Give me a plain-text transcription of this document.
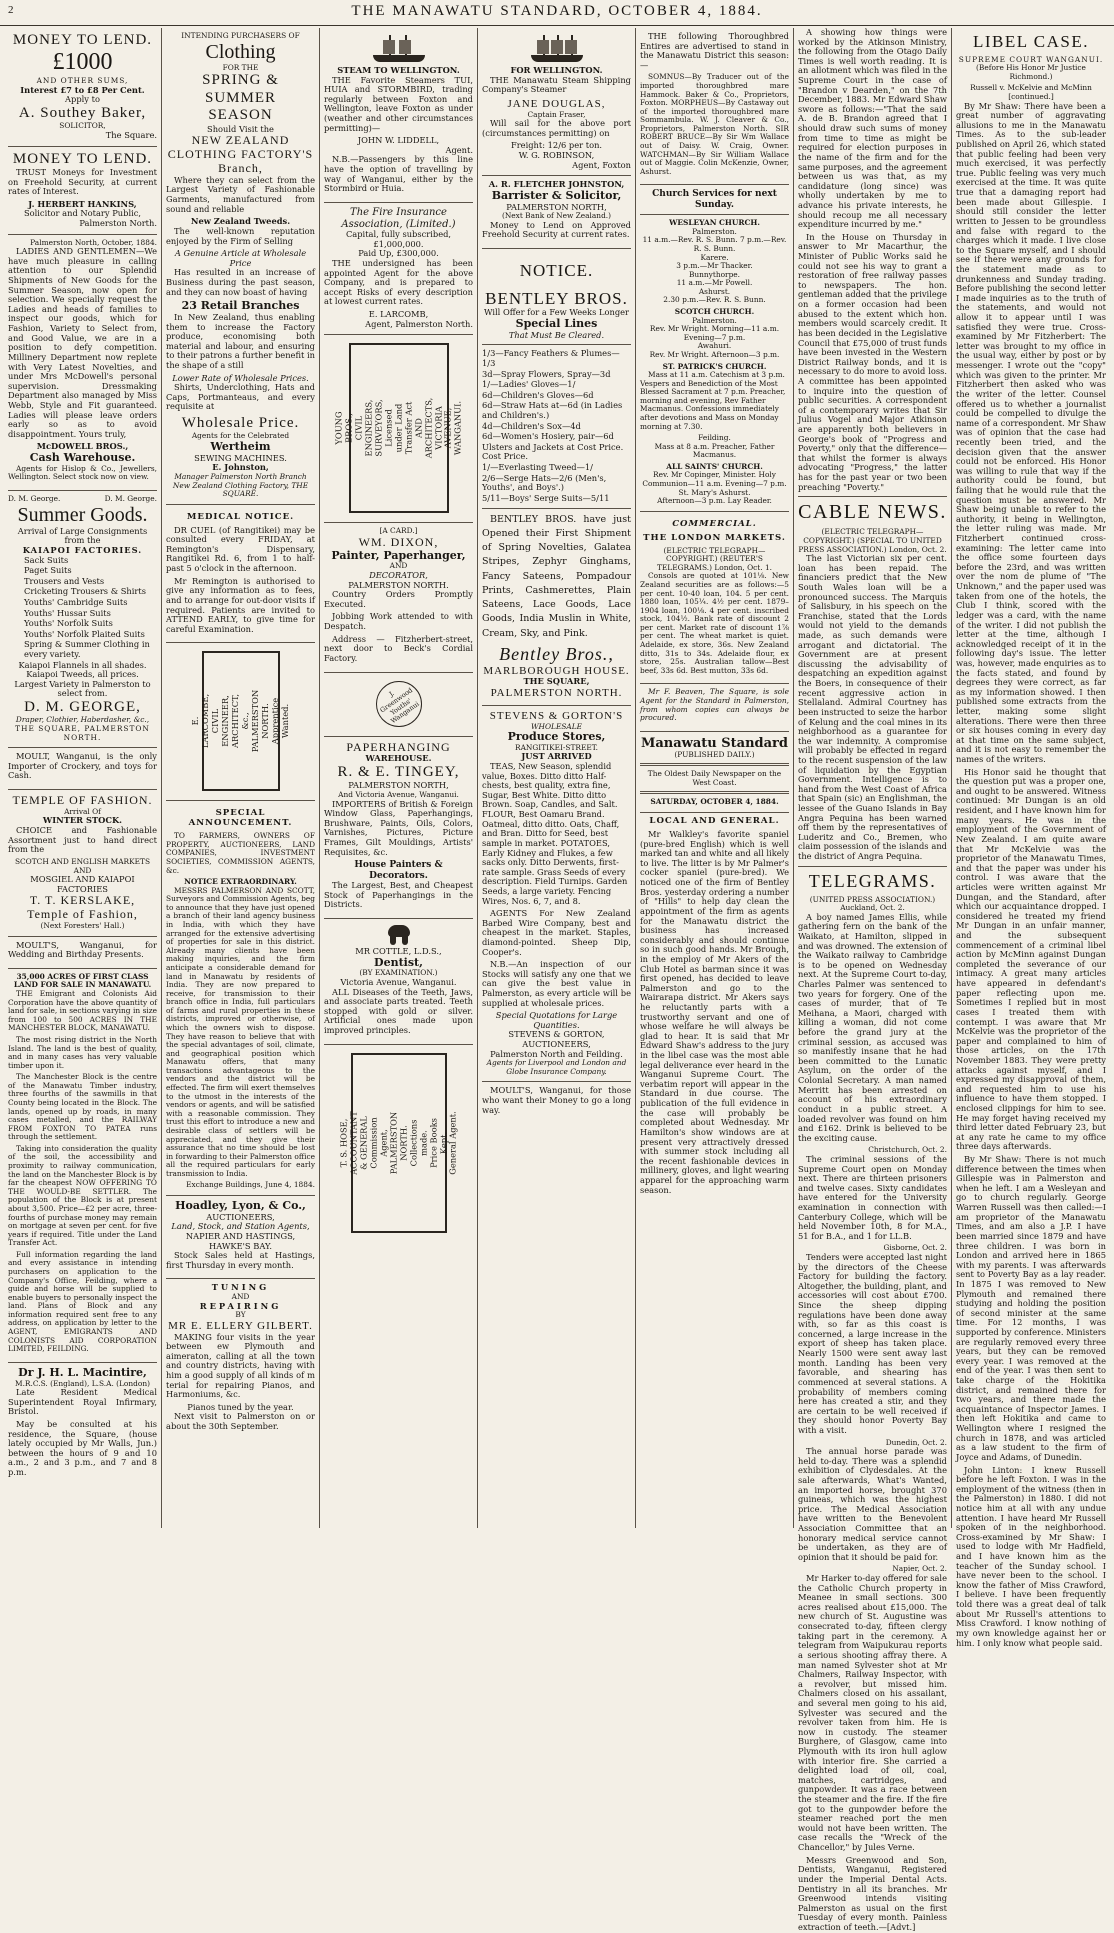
2	THE MANAWATU STANDARD, OCTOBER 4, 1884.
MONEY TO LEND.
£1000
AND OTHER SUMS,
Interest £7 to £8 Per Cent.
Apply to
A. Southey Baker,
SOLICITOR,
The Square.
MONEY TO LEND.

TRUST Moneys for Investment on Freehold Security, at current rates of Interest.

J. HERBERT HANKINS,
Solicitor and Notary Public,
Palmerston North.
Palmerston North, October, 1884.

LADIES AND GENTLEMEN—We have much pleasure in calling attention to our Splendid Shipments of New Goods for the Summer Season, now open for selection. We specially request the Ladies and heads of families to inspect our goods, which for Fashion, Variety to Select from, and Good Value, we are in a position to defy competition. Millinery Department now replete with Very Latest Novelties, and under Mrs McDowell's personal supervision. Dressmaking Department also managed by Miss Webb, Style and Fit guaranteed. Ladies will please leave orders early so as to avoid disappointment. Yours truly,

McDOWELL BROS.,
Cash Warehouse.

Agents for Hislop & Co., Jewellers, Wellington. Select stock now on view.

D. M. George.	D. M. George.
Summer Goods.
Arrival of Large Consignments from the
KAIAPOI FACTORIES.

Sack Suits

Paget Suits

Trousers and Vests

Cricketing Trousers & Shirts

Youths' Cambridge Suits

Youths' Hussar Suits

Youths' Norfolk Suits

Youths' Norfolk Plaited Suits

Spring & Summer Clothing in every variety.

Kaiapoi Flannels in all shades. Kaiapoi Tweeds, all prices.
Largest Variety in Palmerston to select from.
D. M. GEORGE,
Draper, Clothier, Haberdasher, &c.,
THE SQUARE, PALMERSTON NORTH.

MOULT, Wanganui, is the only Importer of Crockery, and toys for Cash.

TEMPLE OF FASHION.
Arrival Of
WINTER STOCK.

CHOICE and Fashionable Assortment just to hand direct from the

SCOTCH AND ENGLISH MARKETS
AND
MOSGIEL AND KAIAPOI FACTORIES
T. T. KERSLAKE,
Temple of Fashion,
(Next Foresters' Hall.)

MOULT'S, Wanganui, for Wedding and Birthday Presents.

35,000 ACRES OF FIRST CLASS LAND FOR SALE IN MANAWATU.

THE Emigrant and Colonists Aid Corporation have the above quantity of land for sale, in sections varying in size from 100 to 500 ACRES IN THE MANCHESTER BLOCK, MANAWATU.

The most rising district in the North Island. The land is the best of quality, and in many cases has very valuable timber upon it.

The Manchester Block is the centre of the Manawatu Timber industry, three fourths of the sawmills in that County being located in the Block. The lands, opened up by roads, in many cases metalled, and the RAILWAY FROM FOXTON TO PATEA runs through the settlement.

Taking into consideration the quality of the soil, the accessibility and proximity to railway communication, the land on the Manchester Block is by far the cheapest NOW OFFERING TO THE WOULD-BE SETTLER. The population of the Block is at present about 3,500. Price—£2 per acre, three-fourths of purchase money may remain on mortgage at seven per cent. for five years if required. Title under the Land Transfer Act.

Full information regarding the land and every assistance in intending purchasers on application to the Company's Office, Feilding, where a guide and horse will be supplied to enable buyers to personally inspect the land. Plans of Block and any information required sent free to any address, on application by letter to the AGENT, EMIGRANTS AND COLONISTS AID CORPORATION LIMITED, FEILDING.

Dr J. H. L. Macintire,
M.R.C.S. (England), L.S.A. (London)

Late Resident Medical Superintendent Royal Infirmary, Bristol.

May be consulted at his residence, the Square, (house lately occupied by Mr Walls, Jun.) between the hours of 9 and 10 a.m., 2 and 3 p.m., and 7 and 8 p.m.

INTENDING PURCHASERS OF
Clothing
FOR THE
SPRING & SUMMER
SEASON
Should Visit the
NEW ZEALAND
CLOTHING FACTORY'S
Branch,

Where they can select from the Largest Variety of Fashionable Garments, manufactured from sound and reliable

New Zealand Tweeds.

The well-known reputation enjoyed by the Firm of Selling

A Genuine Article at Wholesale Price

Has resulted in an increase of Business during the past season, and they can now boast of having

23 Retail Branches

In New Zealand, thus enabling them to increase the Factory produce, economising both material and labour, and ensuring to their patrons a further benefit in the shape of a still

Lower Rate of Wholesale Prices.

Shirts, Underclothing, Hats and Caps, Portmanteaus, and every requisite at

Wholesale Price.
Agents for the Celebrated
Wertheim
SEWING MACHINES.
E. Johnston,
Manager Palmerston North Branch New Zealand Clothing Factory, THE SQUARE.
MEDICAL NOTICE.

DR CUEL (of Rangitikei) may be consulted every FRIDAY, at Remington's Dispensary, Rangitikei Rd. 6, from 1 to half-past 5 o'clock in the afternoon.

Mr Remington is authorised to give any information as to fees, and to arrange for out-door visits if required. Patients are invited to ATTEND EARLY, to give time for careful Examination.

E. LARCOMBE,
CIVIL ENGINEER,
ARCHITECT, &c.,
PALMERSTON NORTH.
Apprentice Wanted.
SPECIAL ANNOUNCEMENT.

TO FARMERS, OWNERS OF PROPERTY, AUCTIONEERS, LAND COMPANIES, INVESTMENT SOCIETIES, COMMISSION AGENTS, &c.

NOTICE EXTRAORDINARY.

MESSRS PALMERSON AND SCOTT, Surveyors and Commission Agents, beg to announce that they have just opened a branch of their land agency business in India, with which they have arranged for the extensive advertising of properties for sale in this district. Already many clients have been making inquiries, and the firm anticipate a considerable demand for land in Manawatu by residents of India. They are now prepared to receive, for transmission to their branch office in India, full particulars of farms and rural properties in these districts, improved or otherwise, of which the owners wish to dispose. They have reason to believe that with the special advantages of soil, climate, and geographical position which Manawatu offers, that many transactions advantageous to the vendors and the district will be effected. The firm will exert themselves to the utmost in the interests of the vendors or agents, and will be satisfied with a reasonable commission. They trust this effort to introduce a new and desirable class of settlers will be appreciated, and they give their assurance that no time should be lost in forwarding to their Palmerston office all the required particulars for early transmission to India.

Exchange Buildings, June 4, 1884.
Hoadley, Lyon, & Co.,
AUCTIONEERS,
Land, Stock, and Station Agents,
NAPIER AND HASTINGS, HAWKE'S BAY.

Stock Sales held at Hastings, first Thursday in every month.

TUNING
AND
REPAIRING
BY
MR E. ELLERY GILBERT.

MAKING four visits in the year between ew Plymouth and aimeraton, calling at all the town and country districts, having with him a good supply of all kinds of m terial for repairing Pianos, and Harmoniums, &c.

Pianos tuned by the year.

Next visit to Palmerston on or about the 30th September.

STEAM TO WELLINGTON.

THE Favorite Steamers TUI, HUIA and STORMBIRD, trading regularly between Foxton and Wellington, leave Foxton as under (weather and other circumstances permitting)—

JOHN W. LIDDELL,
Agent.

N.B.—Passengers by this line have the option of travelling by way of Wanganui, either by the Stormbird or Huia.

The Fire Insurance Association, (Limited.)
Capital, fully subscribed, £1,000,000.
Paid Up, £300,000.

THE undersigned has been appointed Agent for the above Company, and is prepared to accept Risks of every description at lowest current rates.

E. LARCOMB,
Agent, Palmerston North.
YOUNG BROS.,
CIVIL ENGINEERS,
SURVEYORS,
Licensed under Land Transfer Act
AND
ARCHITECTS,
VICTORIA AVENUE, WANGANUI.
[A CARD.]
WM. DIXON,
Painter, Paperhanger,
AND
DECORATOR,
PALMERSTON NORTH.

Country Orders Promptly Executed.

Jobbing Work attended to with Despatch.

Address — Fitzherbert-street, next door to Beck's Cordial Factory.

J. Greenwood
Youths'
Wanganui
PAPERHANGING
WAREHOUSE.
R. & E. TINGEY,
PALMERSTON NORTH,
And Victoria Avenue, Wanganui.

IMPORTERS of British & Foreign Window Glass, Paperhangings, Brushware, Paints, Oils, Colors, Varnishes, Pictures, Picture Frames, Gilt Mouldings, Artists' Requisites, &c.

House Painters & Decorators.

The Largest, Best, and Cheapest Stock of Paperhangings in the Districts.

MR COTTLE, L.D.S.,
Dentist,
(BY EXAMINATION.)
Victoria Avenue, Wanganui.

ALL Diseases of the Teeth, Jaws, and associate parts treated. Teeth stopped with gold or silver. Artificial ones made upon improved principles.

T. S. HOSE,
ACCOUNTANT & GENERAL
Commission Agent,
PALMERSTON NORTH.
Collections made.
Price Books Kept.
General Agent.
FOR WELLINGTON.

THE Manawatu Steam Shipping Company's Steamer

JANE DOUGLAS,
Captain Fraser,

Will sail for the above port (circumstances permitting) on

Freight: 12/6 per ton.
W. G. ROBINSON,
Agent, Foxton
A. R. FLETCHER JOHNSTON,
Barrister & Solicitor,
PALMERSTON NORTH,
(Next Bank of New Zealand.)

Money to Lend on Approved Freehold Security at current rates.

NOTICE.
BENTLEY BROS.
Will Offer for a Few Weeks Longer
Special Lines
That Must Be Cleared.

1/3—Fancy Feathers & Plumes—1/3

3d—Spray Flowers, Spray—3d

1/—Ladies' Gloves—1/

6d—Children's Gloves—6d

6d—Straw Hats at—6d (in Ladies and Children's.)

4d—Children's Sox—4d

6d—Women's Hosiery, pair—6d

Ulsters and Jackets at Cost Price. Cost Price.

1/—Everlasting Tweed—1/

2/6—Serge Hats—2/6 (Men's, Youths', and Boys'.)

5/11—Boys' Serge Suits—5/11

BENTLEY BROS. have just Opened their First Shipment of Spring Novelties, Galatea Stripes, Zephyr Ginghams, Fancy Sateens, Pompadour Prints, Cashmerettes, Plain Sateens, Lace Goods, Lace Goods, India Muslin in White, Cream, Sky, and Pink.

Bentley Bros.,
MARLBOROUGH HOUSE.
THE SQUARE,
PALMERSTON NORTH.
STEVENS & GORTON'S
WHOLESALE
Produce Stores,
RANGITIKEI-STREET.
JUST ARRIVED

TEAS, New Season, splendid value, Boxes. Ditto ditto Half-chests, best quality, extra fine, Sugar, Best White. Ditto ditto Brown. Soap, Candles, and Salt. FLOUR, Best Oamaru Brand. Oatmeal, ditto ditto. Oats, Chaff, and Bran. Ditto for Seed, best sample in market. POTATOES, Early Kidney and Flukes, a few sacks only. Ditto Derwents, first-rate sample. Grass Seeds of every description. Field Turnips. Garden Seeds, a large variety. Fencing Wires, Nos. 6, 7, and 8.

AGENTS For New Zealand Barbed Wire Company, best and cheapest in the market. Staples, diamond-pointed. Sheep Dip, Cooper's.

N.B.—An inspection of our Stocks will satisfy any one that we can give the best value in Palmerston, as every article will be supplied at wholesale prices.

Special Quotations for Large Quantities.
STEVENS & GORTON, AUCTIONEERS,
Palmerston North and Feilding.
Agents for Liverpool and London and Globe Insurance Company.

MOULT'S, Wanganui, for those who want their Money to go a long way.

THE following Thoroughbred Entires are advertised to stand in the Manawatu District this season:—

SOMNUS—By Traducer out of the imported thoroughbred mare Hammock. Baker & Co., Proprietors, Foxton. MORPHEUS—By Castaway out of the imported thoroughbred mare Sommambula. W. J. Cleaver & Co., Proprietors, Palmerston North. SIR ROBERT BRUCE—By Sir Wm Wallace out of Daisy. W. Craig, Owner. WATCHMAN—By Sir William Wallace out of Maggie. Colin McKenzie, Owner, Ashurst.

Church Services for next Sunday.
WESLEYAN CHURCH.
Palmerston.
11 a.m.—Rev. R. S. Bunn. 7 p.m.—Rev. R. S. Bunn.
Karere.
3 p.m.—Mr Thacker.
Bunnythorpe.
11 a.m.—Mr Powell.
Ashurst.
2.30 p.m.—Rev. R. S. Bunn.
SCOTCH CHURCH.
Palmerston.
Rev. Mr Wright. Morning—11 a.m. Evening—7 p.m.
Awahuri.
Rev. Mr Wright. Afternoon—3 p.m.
ST. PATRICK'S CHURCH.

Mass at 11 a.m. Catechism at 3 p.m. Vespers and Benediction of the Most Blessed Sacrament at 7 p.m. Preacher, morning and evening, Rev Father Macmanus. Confessions immediately after devotions and Mass on Monday morning at 7.30.

Feilding.
Mass at 8 a.m. Preacher, Father Macmanus.
ALL SAINTS' CHURCH.
Rev. Mr Copinger, Minister. Holy Communion—11 a.m. Evening—7 p.m.
St. Mary's Ashurst.
Afternoon—3 p.m. Lay Reader.
COMMERCIAL.
THE LONDON MARKETS.
(ELECTRIC TELEGRAPH—COPYRIGHT.) (REUTER'S TELEGRAMS.) London, Oct. 1.

Consols are quoted at 101⅛. New Zealand securities are as follows:—5 per cent. 10-40 loan, 104. 5 per cent. 1880 loan, 105¼. 4½ per cent. 1879–1904 loan, 100⅛. 4 per cent. inscribed stock, 104½. Bank rate of discount 2 per cent. Market rate of discount 1⅞ per cent. The wheat market is quiet. Adelaide, ex store, 36s. New Zealand ditto, 31s to 34s. Adelaide flour, ex store, 25s. Australian tallow—Best beef, 33s 6d. Best mutton, 33s 6d.

Mr F. Beaven, The Square, is sole Agent for the Standard in Palmerston, from whom copies can always be procured.

Manawatu Standard
(PUBLISHED DAILY.)
The Oldest Daily Newspaper on the West Coast.
SATURDAY, OCTOBER 4, 1884.
LOCAL AND GENERAL.

Mr Walkley's favorite spaniel (pure-bred English) which is well marked tan and white and all likely to live. The litter is by Mr Palmer's cocker spaniel (pure-bred). We noticed one of the firm of Bentley Bros. yesterday ordering a number of "Hills" to help day clean the appointment of the firm as agents for the Manawatu district the business has increased considerably and should continue so in such good hands. Mr Brough, in the employ of Mr Akers of the Club Hotel as barman since it was first opened, has decided to leave Palmerston and go to the Wairarapa district. Mr Akers says he reluctantly parts with a trustworthy servant and one of whose welfare he will always be glad to hear. It is said that Mr Edward Shaw's address to the jury in the libel case was the most able legal deliverance ever heard in the Wanganui Supreme Court. The verbatim report will appear in the Standard in due course. The publication of the full evidence in the case will probably be completed about Wednesday. Mr Hamilton's show windows are at present very attractively dressed with summer stock including all the recent fashionable devices in millinery, gloves, and light wearing apparel for the approaching warm season.

A showing how things were worked by the Atkinson Ministry, the following from the Otago Daily Times is well worth reading. It is an allotment which was filed in the Supreme Court in the case of "Brandon v Dearden," on the 7th December, 1883. Mr Edward Shaw swore as follows:—"That the said A. de B. Brandon agreed that I should draw such sums of money from time to time as might be required for election purposes in the name of the firm and for the same purposes, and the agreement between us was that, as my candidature (long since) was wholly undertaken by me to advance his private interests, he should recoup me all necessary expenditure incurred by me."

In the House on Thursday in answer to Mr Macarthur, the Minister of Public Works said he could not see his way to grant a restoration of free railway passes to newspapers. The hon. gentleman added that the privilege on a former occasion had been abused to the extent which hon. members would scarcely credit. It has been decided in the Legislative Council that £75,000 of trust funds have been invested in the Western District Railway bonds, and it is necessary to do more to avoid loss. A committee has been appointed to inquire into the question of public securities. A correspondent of a contemporary writes that Sir Julius Vogel and Major Atkinson are apparently both believers in George's book of "Progress and Poverty," only that the difference—that whilst the former is always advocating "Progress," the latter has for the past year or two been preaching "Poverty."

CABLE NEWS.
(ELECTRIC TELEGRAPH—COPYRIGHT.) (SPECIAL TO UNITED PRESS ASSOCIATION.) London, Oct. 2.

The last Victorian six per cent. loan has been repaid. The financiers predict that the New South Wales loan will be a pronounced success. The Marquis of Salisbury, in his speech on the Franchise, stated that the Lords would not yield to the demands made, as such demands were arrogant and dictatorial. The Government are at present discussing the advisability of despatching an expedition against the Boers, in consequence of their recent aggressive action in Stellaland. Admiral Courtney has been instructed to seize the harbor of Kelung and the coal mines in its neighborhood as a guarantee for the war indemnity. A compromise will probably be effected in regard to the recent suspension of the law of liquidation by the Egyptian Government. Intelligence is to hand from the West Coast of Africa that Spain (sic) an Englishman, the lessee of the Guano Islands in Bay Angra Pequina has been warned off them by the representatives of Luderitz and Co., Bremen, who claim possession of the islands and the district of Angra Pequina.

TELEGRAMS.
(UNITED PRESS ASSOCIATION.) Auckland, Oct. 2.

A boy named James Ellis, while gathering fern on the bank of the Waikato, at Hamilton, slipped in and was drowned. The extension of the Waikato railway to Cambridge is to be opened on Wednesday next. At the Supreme Court to-day, Charles Palmer was sentenced to two years for forgery. One of the cases of murder, that of Te Meihana, a Maori, charged with killing a woman, did not come before the grand jury at the criminal session, as accused was so manifestly insane that he had been committed to the Lunatic Asylum, on the order of the Colonial Secretary. A man named Merritt has been arrested on account of his extraordinary conduct in a public street. A loaded revolver was found on him and £162. Drink is believed to be the exciting cause.

Christchurch, Oct. 2.

The criminal sessions of the Supreme Court open on Monday next. There are thirteen prisoners and twelve cases. Sixty candidates have entered for the University examination in connection with Canterbury College, which will be held November 10th, 8 for M.A., 51 for B.A., and 1 for LL.B.

Gisborne, Oct. 2.

Tenders were accepted last night by the directors of the Cheese Factory for building the factory. Altogether, the building, plant, and accessories will cost about £700. Since the sheep dipping regulations have been done away with, so far as this coast is concerned, a large increase in the export of sheep has taken place. Nearly 1500 were sent away last month. Landing has been very favorable, and shearing has commenced at several stations. A probability of members coming here has created a stir, and they are certain to be well received if they should honor Poverty Bay with a visit.

Dunedin, Oct. 2.

The annual horse parade was held to-day. There was a splendid exhibition of Clydesdales. At the sale afterwards, What's Wanted, an imported horse, brought 370 guineas, which was the highest price. The Medical Association have written to the Benevolent Association Committee that an honorary medical service cannot be undertaken, as they are of opinion that it should be paid for.

Napier, Oct. 2.

Mr Harker to-day offered for sale the Catholic Church property in Meanee in small sections. 300 acres realised about £15,000. The new church of St. Augustine was consecrated to-day, fifteen clergy taking part in the ceremony. A telegram from Waipukurau reports a serious shooting affray there. A man named Sylvester shot at Mr Chalmers, Railway Inspector, with a revolver, but missed him. Chalmers closed on his assailant, and several men going to his aid, Sylvester was secured and the revolver taken from him. He is now in custody. The steamer Burghere, of Glasgow, came into Plymouth with its iron hull aglow with interior fire. She carried a delighted load of oil, coal, matches, cartridges, and gunpowder. It was a race between the steamer and the fire. If the fire got to the gunpowder before the steamer reached port the men would not have been written. The case recalls the "Wreck of the Chancellor," by Jules Verne.

Messrs Greenwood and Son, Dentists, Wanganui, Registered under the Imperial Dental Acts. Dentistry in all its branches. Mr Greenwood intends visiting Palmerston as usual on the first Tuesday of every month. Painless extraction of teeth.—[Advt.]

LIBEL CASE.
SUPREME COURT WANGANUI.
(Before His Honor Mr Justice Richmond.)
Russell v. McKelvie and McMinn
[continued.]

By Mr Shaw: There have been a great number of aggravating allusions to me in the Manawatu Times. As to the sub-leader published on April 26, which stated that public feeling had been very much exercised, it was perfectly true. Public feeling was very much exercised at the time. It was quite true that a damaging report had been made about Gillespie. I should still consider the letter written to Jessen to be groundless and false with regard to the charges which it made. I live close to the Square myself, and I should see if there were any grounds for the statement made as to drunkenness and Sunday trading. Before publishing the second letter I made inquiries as to the truth of the statements, and would not allow it to appear until I was satisfied they were true. Cross-examined by Mr Fitzherbert: The letter was brought to my office in the usual way, either by post or by messenger. I wrote out the "copy" which was given to the printer. Mr Fitzherbert then asked who was the writer of the letter. Counsel offered us to whether a journalist could be compelled to divulge the name of a correspondent. Mr Shaw was of opinion that the case had recently been tried, and the decision given that the answer could not be enforced. His Honor was willing to rule that way if the authority could be found, but failing that he would rule that the question must be answered. Mr Shaw being unable to refer to the authority, it being in Wellington, the letter ruling was made. Mr Fitzherbert continued cross-examining: The letter came into the office some fourteen days before the 23rd, and was written over the nom de plume of "The Unknown," and the paper used was taken from one of the hotels, the Club I think, scored with the ledger was a card, with the name of the writer. I did not publish the letter at the time, although I acknowledged receipt of it in the following day's issue. The letter was, however, made enquiries as to the facts stated, and found by degrees they were correct, as far as my information showed. I then published some extracts from the letter, making some slight alterations. There were then three or six houses coming in every day at that time on the same subject, and it is not easy to remember the names of the writers.

His Honor said he thought that the question put was a proper one, and ought to be answered. Witness continued: Mr Dungan is an old resident, and I have known him for many years. He was in the employment of the Government of New Zealand. I am quite aware that Mr McKelvie was the proprietor of the Manawatu Times, and that the paper was under his control. I was aware that the articles were written against Mr Dungan, and the Standard, after which our acquaintance dropped. I considered he treated my friend Mr Dungan in an unfair manner, and the subsequent commencement of a criminal libel action by McMinn against Dungan completed the severance of our intimacy. A great many articles have appeared in defendant's paper reflecting upon me. Sometimes I replied but in most cases I treated them with contempt. I was aware that Mr McKelvie was the proprietor of the paper and complained to him of those articles, on the 17th November 1883. They were pretty attacks against myself, and I expressed my disapproval of them, and requested him to use his influence to have them stopped. I enclosed clippings for him to see. He may forget having received my third letter dated February 23, but at any rate he came to my office three days afterwards.

By Mr Shaw: There is not much difference between the times when Gillespie was in Palmerston and when he left. I am a Wesleyan and go to church regularly. George Warren Russell was then called:—I am proprietor of the Manawatu Times, and am also a J.P. I have been married since 1879 and have three children. I was born in London and arrived here in 1865 with my parents. I was afterwards sent to Poverty Bay as a lay reader. In 1875 I was removed to New Plymouth and remained there studying and holding the position of second minister at the same time. For 12 months, I was supported by conference. Ministers are regularly removed every three years, but they can be removed every year. I was removed at the end of the year. I was then sent to take charge of the Hokitika district, and remained there for two years, and there made the acquaintance of Inspector James. I then left Hokitika and came to Wellington where I resigned the church in 1878, and was articled as a law student to the firm of Joyce and Adams, of Dunedin.

John Linton: I knew Russell before he left Foxton. I was in the employment of the witness (then in the Palmerston) in 1880. I did not notice him at all with any undue attention. I have heard Mr Russell spoken of in the neighborhood. Cross-examined by Mr Shaw: I used to lodge with Mr Hadfield, and I have known him as the teacher of the Sunday school. I have never been to the school. I know the father of Miss Crawford, I believe. I have been frequently told there was a great deal of talk about Mr Russell's attentions to Miss Crawford. I know nothing of my own knowledge against her or him. I only know what people said.
